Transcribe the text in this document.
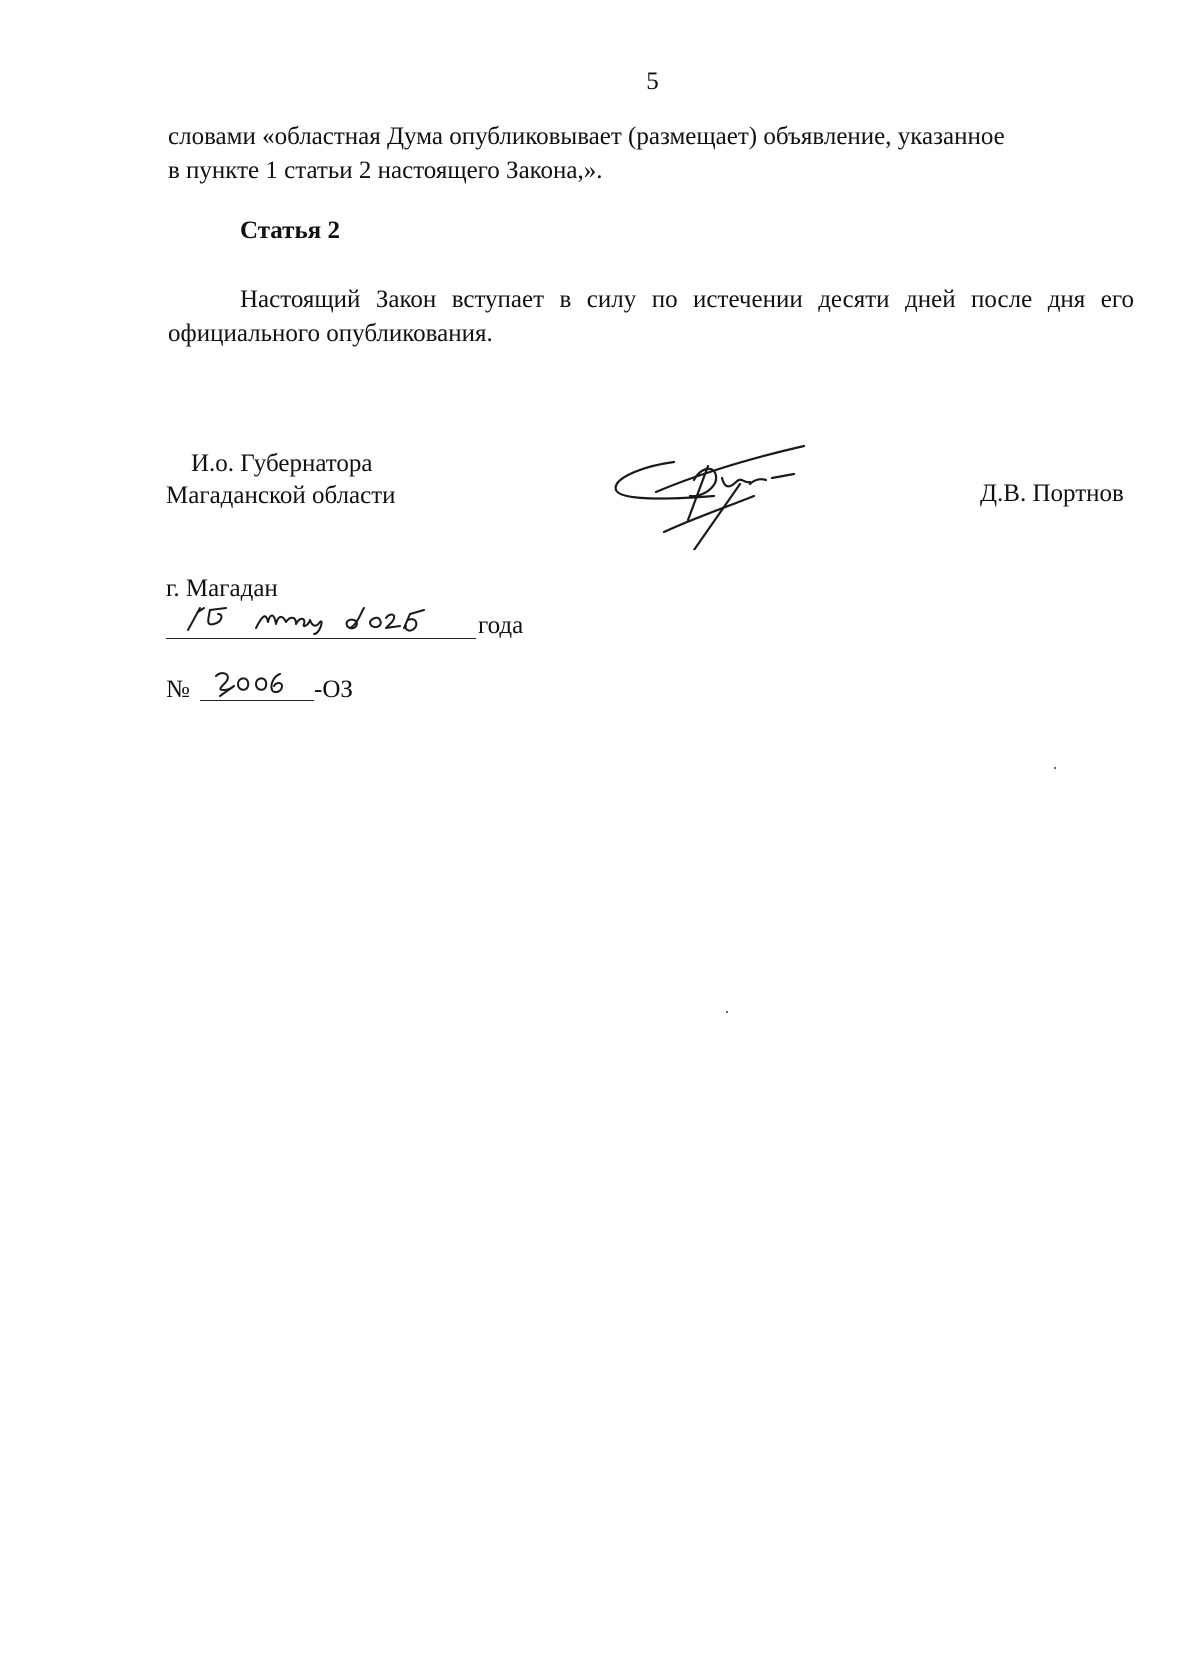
5
словами «областная Дума опубликовывает (размещает) объявление, указанное
в пункте 1 статьи 2 настоящего Закона,».
Статья 2
Настоящий Закон вступает в силу по истечении десяти дней после дня его официального опубликования.
И.о. Губернатора
Магаданской области	Д.В. Портнов
г. Магадан
года
№	-ОЗ
